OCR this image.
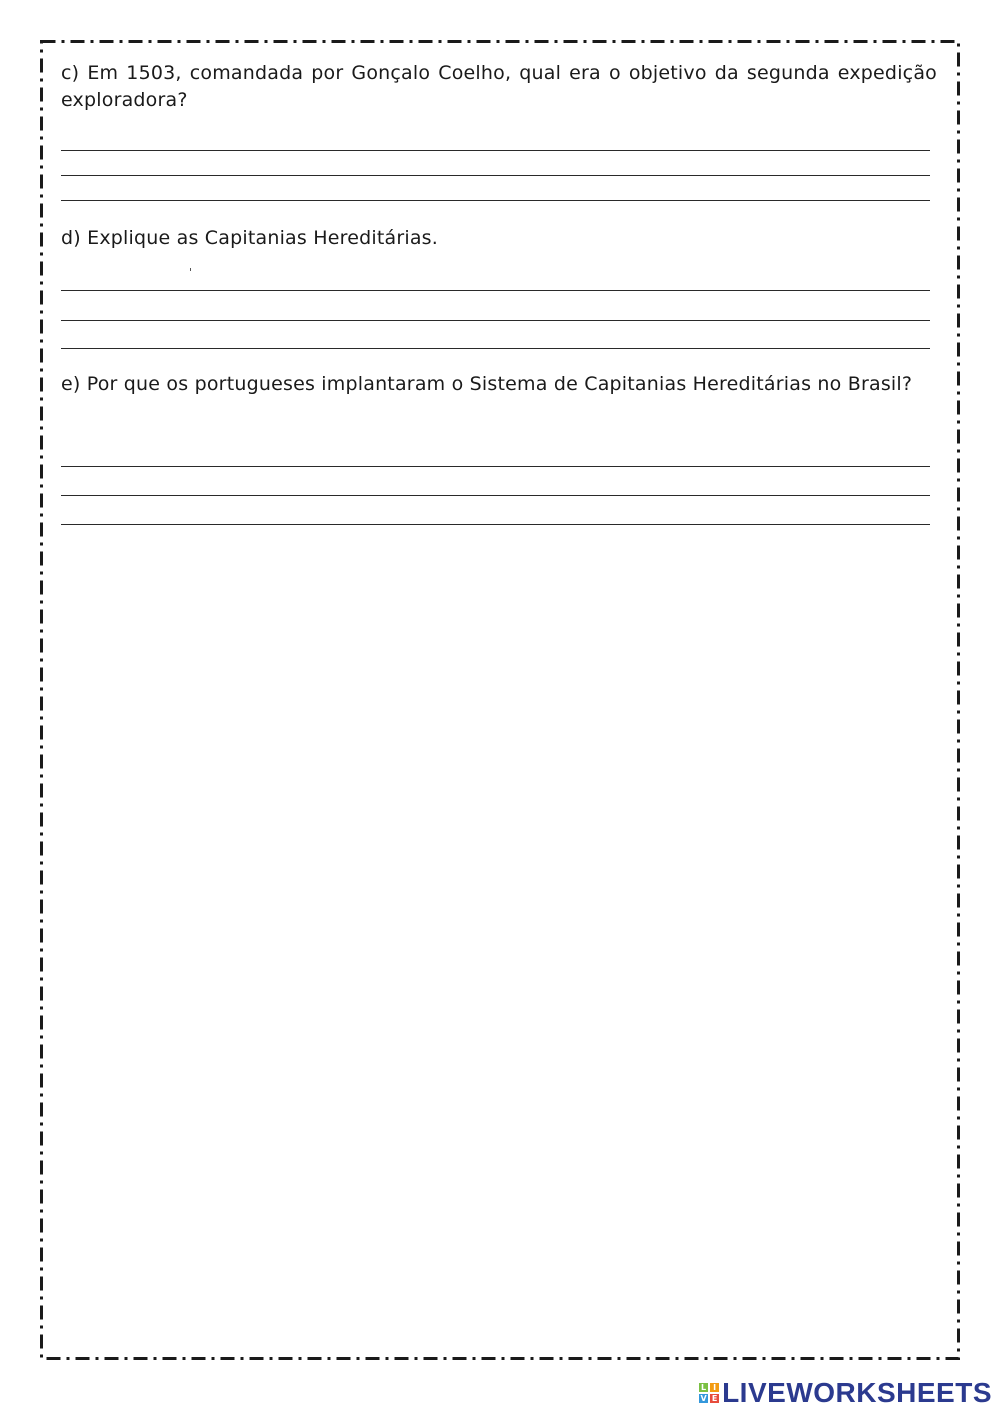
c) Em 1503, comandada por Gonçalo Coelho, qual era o objetivo da segunda expedição exploradora?
d) Explique as Capitanias Hereditárias.
e) Por que os portugueses implantaram o Sistema de Capitanias Hereditárias no Brasil?
L I
V E LIVEWORKSHEETS
